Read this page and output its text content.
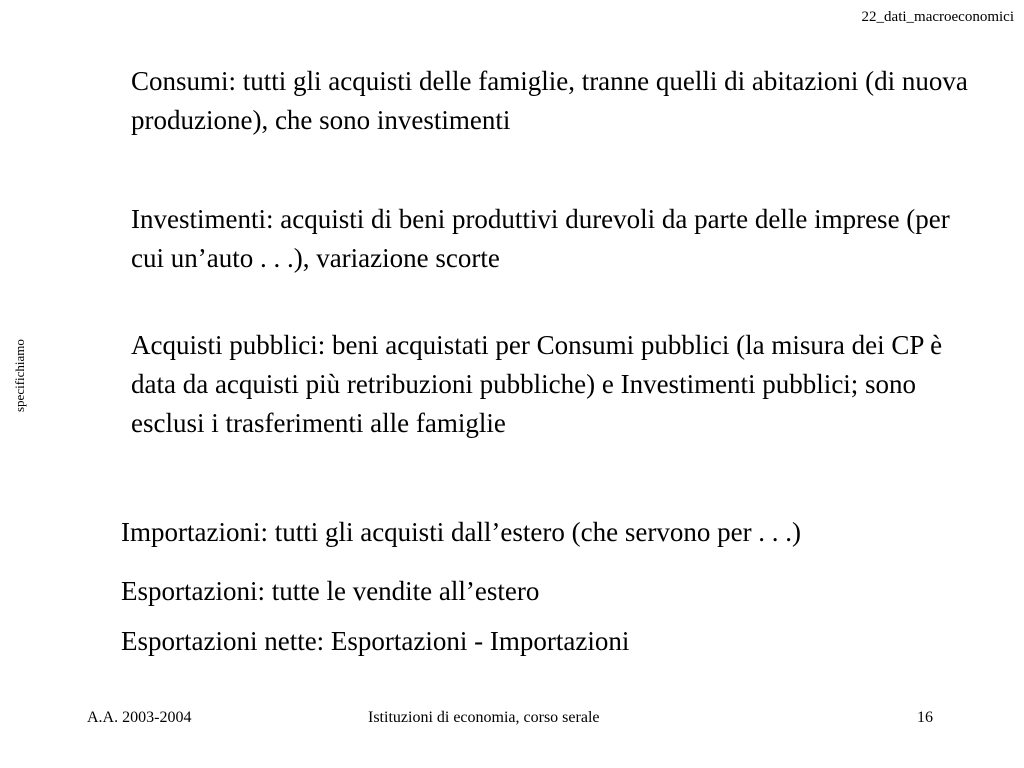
22_dati_macroeconomici
specifichiamo

Consumi: tutti gli acquisti delle famiglie, tranne quelli di abitazioni (di nuova produzione), che sono investimenti

Investimenti: acquisti di beni produttivi durevoli da parte delle imprese (per cui un’auto . . .), variazione scorte

Acquisti pubblici: beni acquistati per Consumi pubblici (la misura dei CP è data da acquisti più retribuzioni pubbliche) e Investimenti pubblici; sono esclusi i trasferimenti alle famiglie

Importazioni: tutti gli acquisti dall’estero (che servono per . . .)

Esportazioni: tutte le vendite all’estero

Esportazioni nette: Esportazioni - Importazioni

A.A. 2003-2004	Istituzioni di economia, corso serale	16
